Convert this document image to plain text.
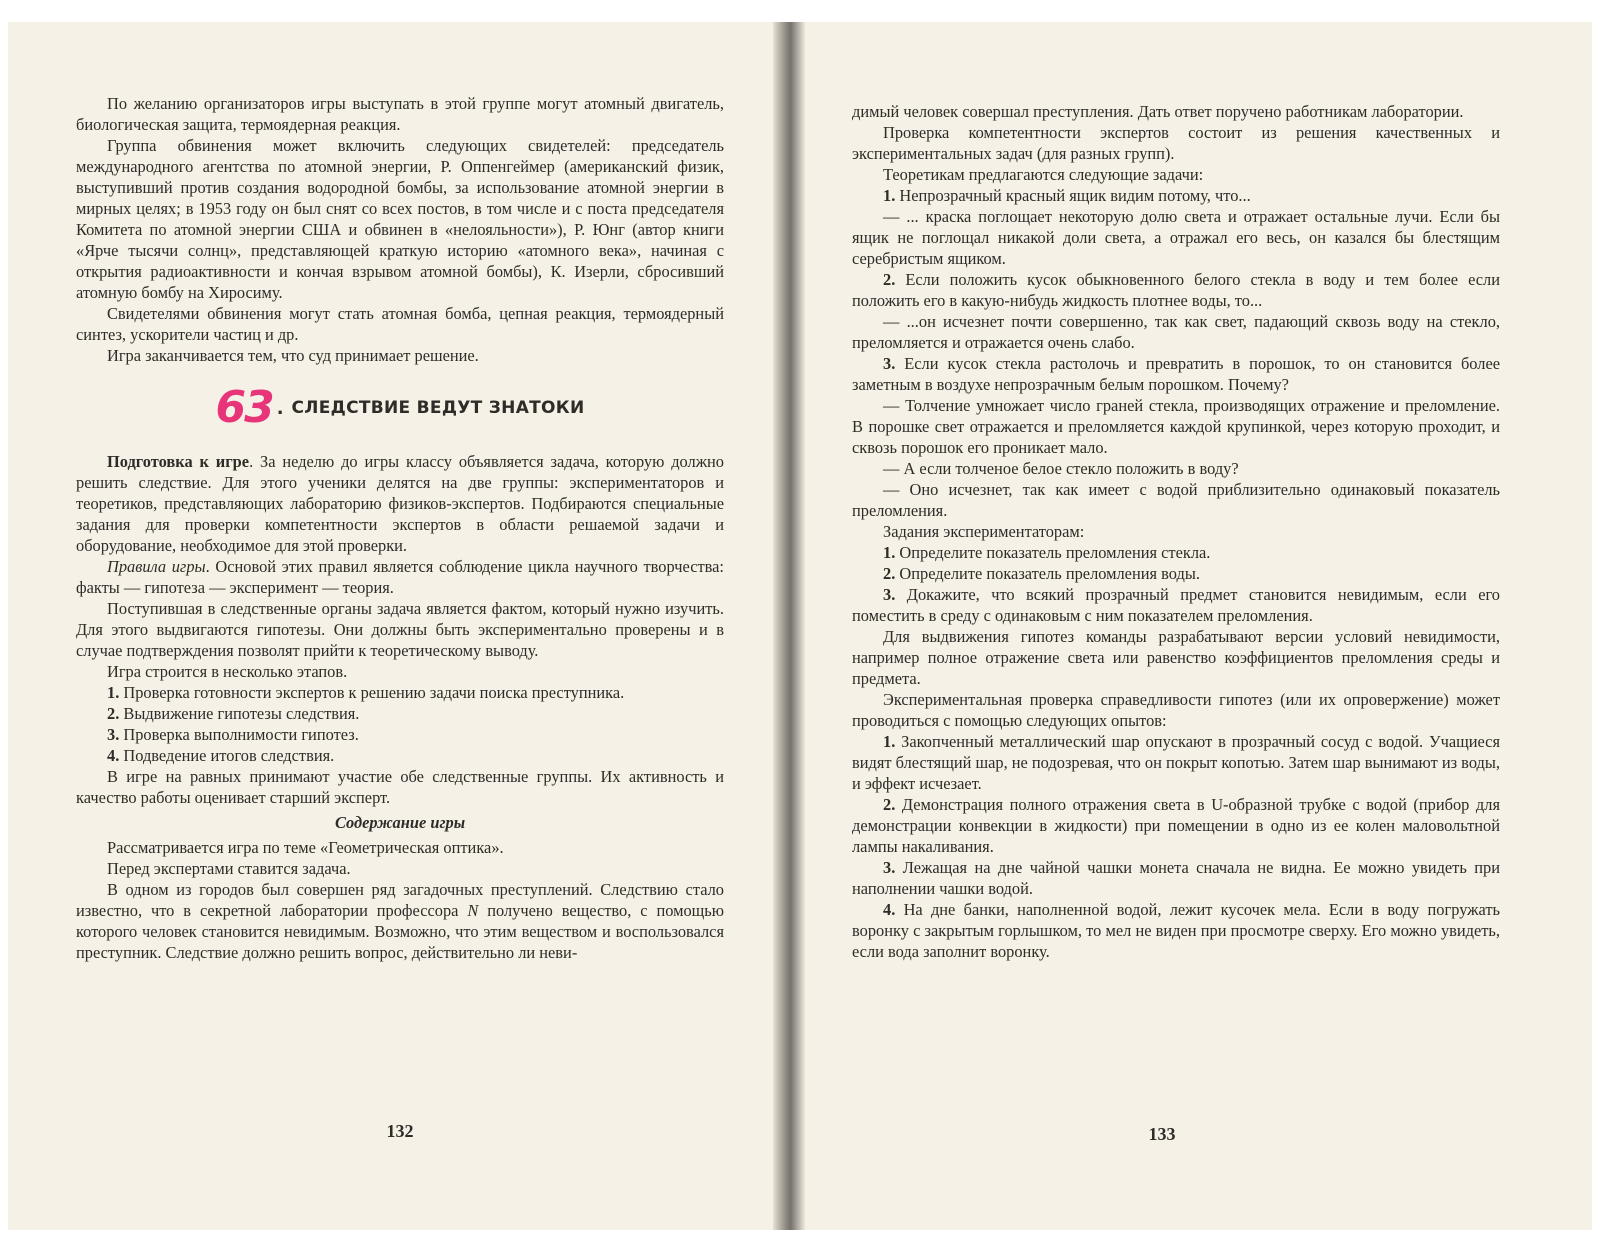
По желанию организаторов игры выступать в этой группе могут атомный двигатель, биологическая защита, термоядерная реакция.

Группа обвинения может включить следующих свидетелей: председатель международного агентства по атомной энергии, Р. Оппенгеймер (американский физик, выступивший против создания водородной бомбы, за использование атомной энергии в мирных целях; в 1953 году он был снят со всех постов, в том числе и с поста председателя Комитета по атомной энергии США и обвинен в «нелояльности»), Р. Юнг (автор книги «Ярче тысячи солнц», представляющей краткую историю «атомного века», начиная с открытия радиоактивности и кончая взрывом атомной бомбы), К. Изерли, сбросивший атомную бомбу на Хиросиму.

Свидетелями обвинения могут стать атомная бомба, цепная реакция, термоядерный синтез, ускорители частиц и др.

Игра заканчивается тем, что суд принимает решение.

63 . СЛЕДСТВИЕ ВЕДУТ ЗНАТОКИ

Подготовка к игре. За неделю до игры классу объявляется задача, которую должно решить следствие. Для этого ученики делятся на две группы: экспериментаторов и теоретиков, представляющих лабораторию физиков-экспертов. Подбираются специальные задания для проверки компетентности экспертов в области решаемой задачи и оборудование, необходимое для этой проверки.

Правила игры. Основой этих правил является соблюдение цикла научного творчества: факты — гипотеза — эксперимент — теория.

Поступившая в следственные органы задача является фактом, который нужно изучить. Для этого выдвигаются гипотезы. Они должны быть экспериментально проверены и в случае подтверждения позволят прийти к теоретическому выводу.

Игра строится в несколько этапов.

1. Проверка готовности экспертов к решению задачи поиска преступника.

2. Выдвижение гипотезы следствия.

3. Проверка выполнимости гипотез.

4. Подведение итогов следствия.

В игре на равных принимают участие обе следственные группы. Их активность и качество работы оценивает старший эксперт.

Содержание игры

Рассматривается игра по теме «Геометрическая оптика».

Перед экспертами ставится задача.

В одном из городов был совершен ряд загадочных преступлений. Следствию стало известно, что в секретной лаборатории профессора N получено вещество, с помощью которого человек становится невидимым. Возможно, что этим веществом и воспользовался преступник. Следствие должно решить вопрос, действительно ли неви-

132

димый человек совершал преступления. Дать ответ поручено работникам лаборатории.

Проверка компетентности экспертов состоит из решения качественных и экспериментальных задач (для разных групп).

Теоретикам предлагаются следующие задачи:

1. Непрозрачный красный ящик видим потому, что...

— ... краска поглощает некоторую долю света и отражает остальные лучи. Если бы ящик не поглощал никакой доли света, а отражал его весь, он казался бы блестящим серебристым ящиком.

2. Если положить кусок обыкновенного белого стекла в воду и тем более если положить его в какую-нибудь жидкость плотнее воды, то...

— ...он исчезнет почти совершенно, так как свет, падающий сквозь воду на стекло, преломляется и отражается очень слабо.

3. Если кусок стекла растолочь и превратить в порошок, то он становится более заметным в воздухе непрозрачным белым порошком. Почему?

— Толчение умножает число граней стекла, производящих отражение и преломление. В порошке свет отражается и преломляется каждой крупинкой, через которую проходит, и сквозь порошок его проникает мало.

— А если толченое белое стекло положить в воду?

— Оно исчезнет, так как имеет с водой приблизительно одинаковый показатель преломления.

Задания экспериментаторам:

1. Определите показатель преломления стекла.

2. Определите показатель преломления воды.

3. Докажите, что всякий прозрачный предмет становится невидимым, если его поместить в среду с одинаковым с ним показателем преломления.

Для выдвижения гипотез команды разрабатывают версии условий невидимости, например полное отражение света или равенство коэффициентов преломления среды и предмета.

Экспериментальная проверка справедливости гипотез (или их опровержение) может проводиться с помощью следующих опытов:

1. Закопченный металлический шар опускают в прозрачный сосуд с водой. Учащиеся видят блестящий шар, не подозревая, что он покрыт копотью. Затем шар вынимают из воды, и эффект исчезает.

2. Демонстрация полного отражения света в U-образной трубке с водой (прибор для демонстрации конвекции в жидкости) при помещении в одно из ее колен маловольтной лампы накаливания.

3. Лежащая на дне чайной чашки монета сначала не видна. Ее можно увидеть при наполнении чашки водой.

4. На дне банки, наполненной водой, лежит кусочек мела. Если в воду погружать воронку с закрытым горлышком, то мел не виден при просмотре сверху. Его можно увидеть, если вода заполнит воронку.

133
